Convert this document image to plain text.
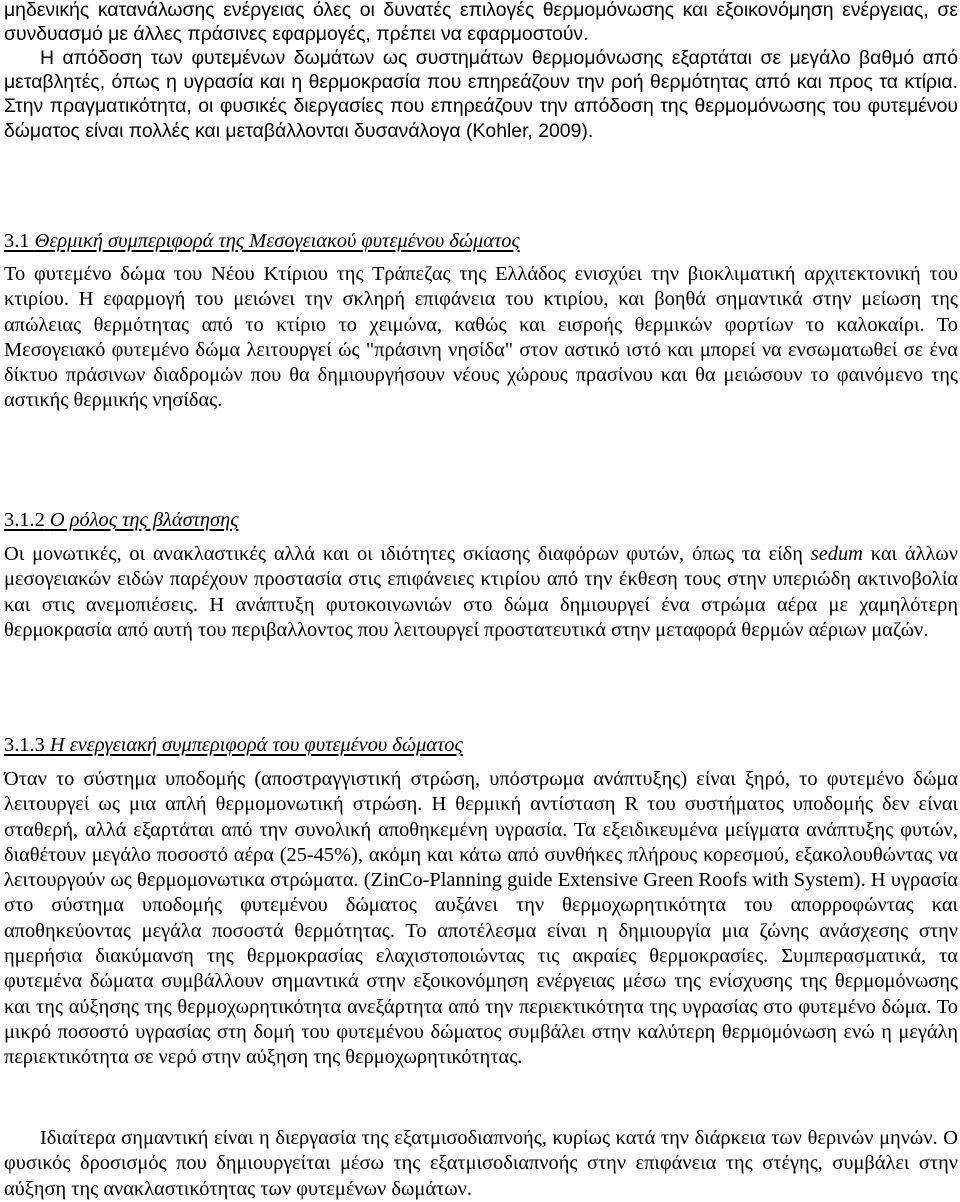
μηδενικής κατανάλωσης ενέργειας όλες οι δυνατές επιλογές θερμομόνωσης και εξοικονόμηση ενέργειας, σε συνδυασμό με άλλες πράσινες εφαρμογές, πρέπει να εφαρμοστούν.

Η απόδοση των φυτεμένων δωμάτων ως συστημάτων θερμομόνωσης εξαρτάται σε μεγάλο βαθμό από μεταβλητές, όπως η υγρασία και η θερμοκρασία που επηρεάζουν την ροή θερμότητας από και προς τα κτίρια. Στην πραγματικότητα, οι φυσικές διεργασίες που επηρεάζουν την απόδοση της θερμομόνωσης του φυτεμένου δώματος είναι πολλές και μεταβάλλονται δυσανάλογα (Kohler, 2009).

3.1 Θερμική συμπεριφορά της Μεσογειακού φυτεμένου δώματος

Το φυτεμένο δώμα του Νέου Κτίριου της Τράπεζας της Ελλάδος ενισχύει την βιοκλιματική αρχιτεκτονική του κτιρίου. Η εφαρμογή του μειώνει την σκληρή επιφάνεια του κτιρίου, και βοηθά σημαντικά στην μείωση της απώλειας θερμότητας από το κτίριο το χειμώνα, καθώς και εισροής θερμικών φορτίων το καλοκαίρι. Το Μεσογειακό φυτεμένο δώμα λειτουργεί ώς "πράσινη νησίδα" στον αστικό ιστό και μπορεί να ενσωματωθεί σε ένα δίκτυο πράσινων διαδρομών που θα δημιουργήσουν νέους χώρους πρασίνου και θα μειώσουν το φαινόμενο της αστικής θερμικής νησίδας.

3.1.2 Ο ρόλος της βλάστησης

Οι μονωτικές, οι ανακλαστικές αλλά και οι ιδιότητες σκίασης διαφόρων φυτών, όπως τα είδη sedum και άλλων μεσογειακών ειδών παρέχουν προστασία στις επιφάνειες κτιρίου από την έκθεση τους στην υπεριώδη ακτινοβολία και στις ανεμοπιέσεις. Η ανάπτυξη φυτοκοινωνιών στο δώμα δημιουργεί ένα στρώμα αέρα με χαμηλότερη θερμοκρασία από αυτή του περιβαλλοντος που λειτουργεί προστατευτικά στην μεταφορά θερμών αέριων μαζών.

3.1.3 Η ενεργειακή συμπεριφορά του φυτεμένου δώματος

Όταν το σύστημα υποδομής (αποστραγγιστική στρώση, υπόστρωμα ανάπτυξης) είναι ξηρό, το φυτεμένο δώμα λειτουργεί ως μια απλή θερμομονωτική στρώση. Η θερμική αντίσταση R του συστήματος υποδομής δεν είναι σταθερή, αλλά εξαρτάται από την συνολική αποθηκεμένη υγρασία. Τα εξειδικευμένα μείγματα ανάπτυξης φυτών, διαθέτουν μεγάλο ποσοστό αέρα (25-45%), ακόμη και κάτω από συνθήκες πλήρους κορεσμού, εξακολουθώντας να λειτουργούν ως θερμομονωτικα στρώματα. (ZinCo-Planning guide Extensive Green Roofs with System). Η υγρασία στο σύστημα υποδομής φυτεμένου δώματος αυξάνει την θερμοχωρητικότητα του απορροφώντας και αποθηκεύοντας μεγάλα ποσοστά θερμότητας. Το αποτέλεσμα είναι η δημιουργία μια ζώνης ανάσχεσης στην ημερήσια διακύμανση της θερμοκρασίας ελαχιστοποιώντας τις ακραίες θερμοκρασίες. Συμπερασματικά, τα φυτεμένα δώματα συμβάλλουν σημαντικά στην εξοικονόμηση ενέργειας μέσω της ενίσχυσης της θερμομόνωσης και της αύξησης της θερμοχωρητικότητα ανεξάρτητα από την περιεκτικότητα της υγρασίας στο φυτεμένο δώμα. Το μικρό ποσοστό υγρασίας στη δομή του φυτεμένου δώματος συμβάλει στην καλύτερη θερμομόνωση ενώ η μεγάλη περιεκτικότητα σε νερό στην αύξηση της θερμοχωρητικότητας.

Ιδιαίτερα σημαντική είναι η διεργασία της εξατμισοδιαπνοής, κυρίως κατά την διάρκεια των θερινών μηνών. Ο φυσικός δροσισμός που δημιουργείται μέσω της εξατμισοδιαπνοής στην επιφάνεια της στέγης, συμβάλει στην αύξηση της ανακλαστικότητας των φυτεμένων δωμάτων.
